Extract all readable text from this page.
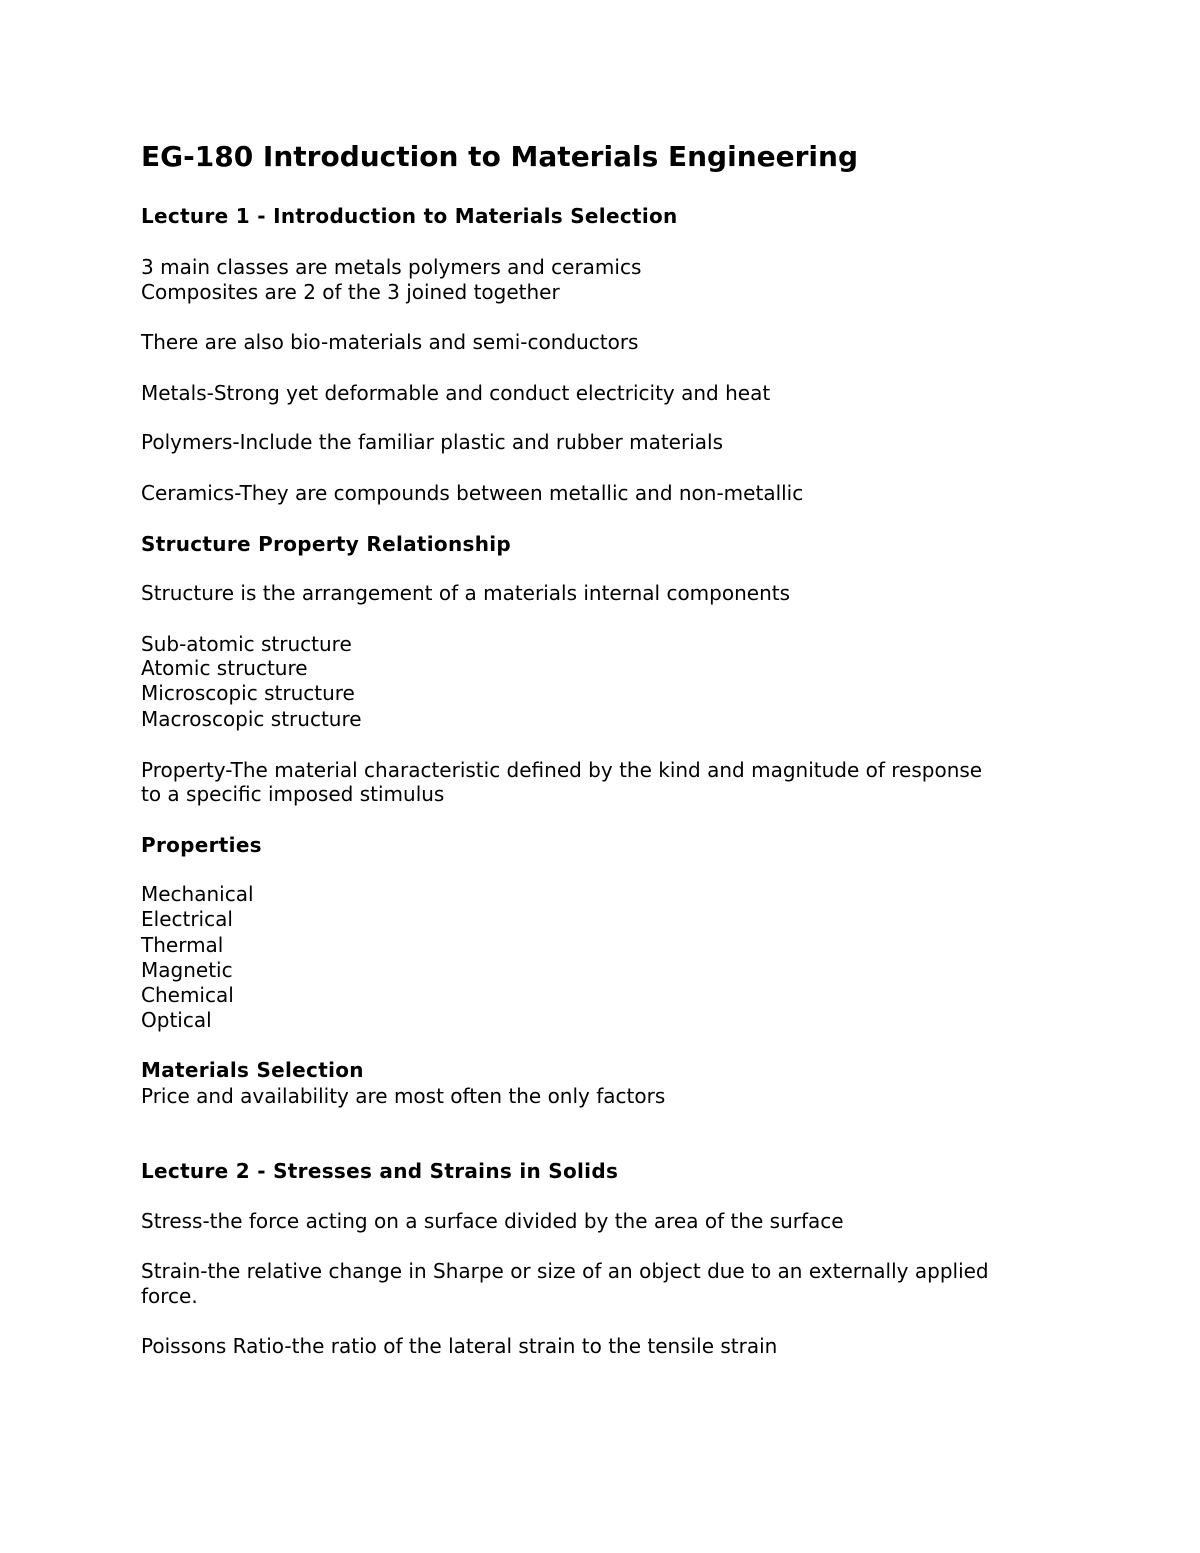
EG-180 Introduction to Materials Engineering
Lecture 1 - Introduction to Materials Selection
3 main classes are metals polymers and ceramics
Composites are 2 of the 3 joined together
There are also bio-materials and semi-conductors
Metals-Strong yet deformable and conduct electricity and heat
Polymers-Include the familiar plastic and rubber materials
Ceramics-They are compounds between metallic and non-metallic
Structure Property Relationship
Structure is the arrangement of a materials internal components
Sub-atomic structure
Atomic structure
Microscopic structure
Macroscopic structure
Property-The material characteristic defined by the kind and magnitude of response
to a specific imposed stimulus
Properties
Mechanical
Electrical
Thermal
Magnetic
Chemical
Optical
Materials Selection
Price and availability are most often the only factors
Lecture 2 - Stresses and Strains in Solids
Stress-the force acting on a surface divided by the area of the surface
Strain-the relative change in Sharpe or size of an object due to an externally applied
force.
Poissons Ratio-the ratio of the lateral strain to the tensile strain
